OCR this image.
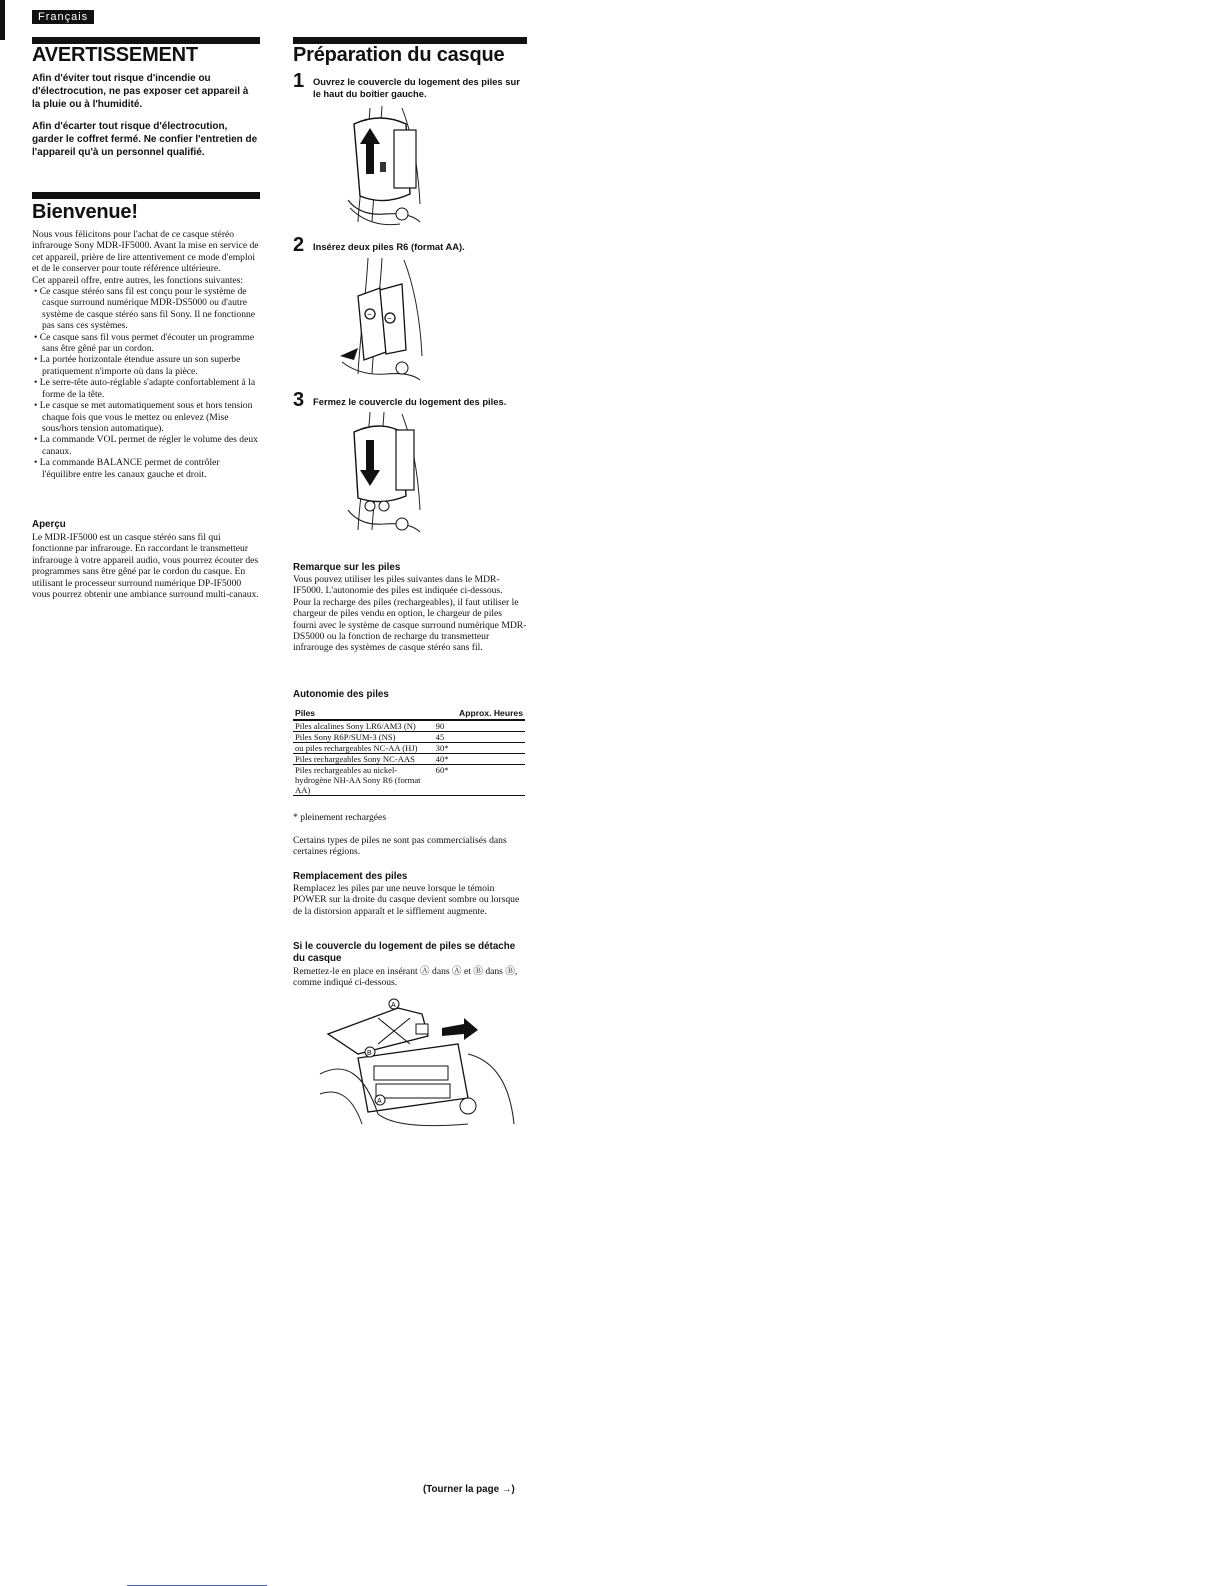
Français
AVERTISSEMENT
Afin d'éviter tout risque d'incendie ou d'électrocution, ne pas exposer cet appareil à la pluie ou à l'humidité.
Afin d'écarter tout risque d'électrocution, garder le coffret fermé. Ne confier l'entretien de l'appareil qu'à un personnel qualifié.
Bienvenue!

Nous vous félicitons pour l'achat de ce casque stéréo infrarouge Sony MDR-IF5000. Avant la mise en service de cet appareil, prière de lire attentivement ce mode d'emploi et de le conserver pour toute référence ultérieure.

Cet appareil offre, entre autres, les fonctions suivantes:

• Ce casque stéréo sans fil est conçu pour le système de casque surround numérique MDR-DS5000 ou d'autre système de casque stéréo sans fil Sony. Il ne fonctionne pas sans ces systèmes.
• Ce casque sans fil vous permet d'écouter un programme sans être gêné par un cordon.
• La portée horizontale étendue assure un son superbe pratiquement n'importe où dans la pièce.
• Le serre-tête auto-réglable s'adapte confortablement à la forme de la tête.
• Le casque se met automatiquement sous et hors tension chaque fois que vous le mettez ou enlevez (Mise sous/hors tension automatique).
• La commande VOL permet de régler le volume des deux canaux.
• La commande BALANCE permet de contrôler l'équilibre entre les canaux gauche et droit.
Aperçu
Le MDR-IF5000 est un casque stéréo sans fil qui fonctionne par infrarouge. En raccordant le transmetteur infrarouge à votre appareil audio, vous pourrez écouter des programmes sans être gêné par le cordon du casque. En utilisant le processeur surround numérique DP-IF5000 vous pourrez obtenir une ambiance surround multi-canaux.
Préparation du casque
1 Ouvrez le couvercle du logement des piles sur le haut du boîtier gauche.
2 Insérez deux piles R6 (format AA).
− −
3 Fermez le couvercle du logement des piles.
Remarque sur les piles

Vous pouvez utiliser les piles suivantes dans le MDR-IF5000. L'autonomie des piles est indiquée ci-dessous.

Pour la recharge des piles (rechargeables), il faut utiliser le chargeur de piles vendu en option, le chargeur de piles fourni avec le système de casque surround numérique MDR-DS5000 ou la fonction de recharge du transmetteur infrarouge des systèmes de casque stéréo sans fil.

Autonomie des piles
Piles	Approx. Heures
Piles alcalines Sony LR6/AM3 (N)	90
Piles Sony R6P/SUM-3 (NS)	45
ou piles rechargeables NC-AA (HJ)	30*
Piles rechargeables Sony NC-AAS	40*
Piles rechargeables au nickel-hydrogène NH-AA Sony R6 (format AA)	60*
* pleinement rechargées
Certains types de piles ne sont pas commercialisés dans certaines régions.
Remplacement des piles
Remplacez les piles par une neuve lorsque le témoin POWER sur la droite du casque devient sombre ou lorsque de la distorsion apparaît et le sifflement augmente.
Si le couvercle du logement de piles se détache du casque
Remettez-le en place en insérant Ⓐ dans Ⓐ et Ⓑ dans Ⓑ, comme indiqué ci-dessous.
A
B
A
(Tourner la page →)
